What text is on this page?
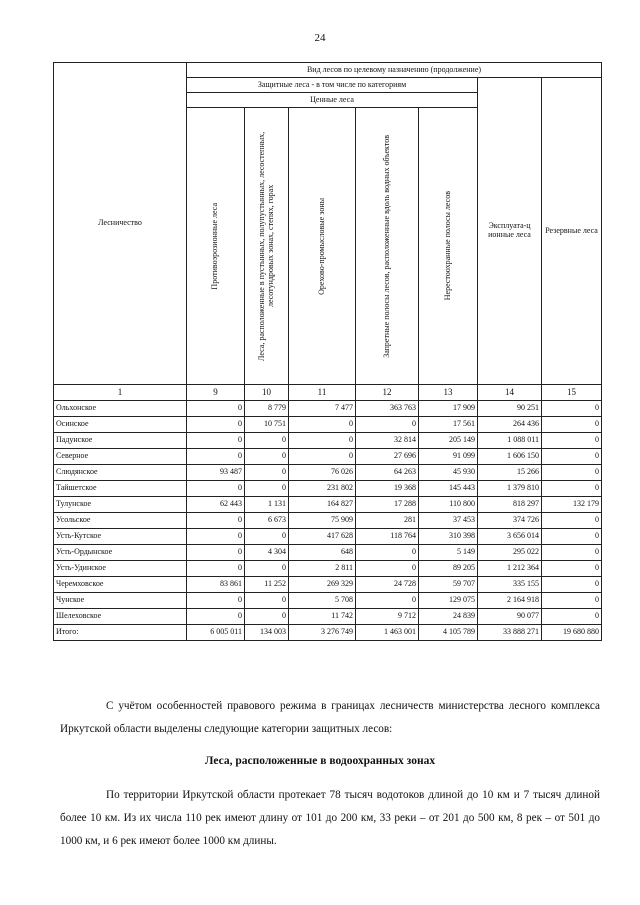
24
Лесничество	Вид лесов по целевому назначению (продолжение)						
	Защитные леса - в том числе по категориям					Эксплуата-ц ионные леса	Резервные леса
	Ценные леса						

	Противоэрозионные леса	Леса, расположенные в пустынных, полупустынных, лесостепных, лесотундровых зонах, степях, горах	Орехово-промысловые зоны	Запретные полосы лесов, расположенные вдоль водных объектов	Нерестоохранные полосы лесов		

1	9	10	11	12	13	14	15
Ольхонское	0	8 779	7 477	363 763	17 909	90 251	0
Осинское	0	10 751	0	0	17 561	264 436	0
Падунское	0	0	0	32 814	205 149	1 088 011	0
Северное	0	0	0	27 696	91 099	1 606 150	0
Слюдянское	93 487	0	76 026	64 263	45 930	15 266	0
Тайшетское	0	0	231 802	19 368	145 443	1 379 810	0
Тулунское	62 443	1 131	164 827	17 288	110 800	818 297	132 179
Усольское	0	6 673	75 909	281	37 453	374 726	0
Усть-Кутское	0	0	417 628	118 764	310 398	3 656 014	0
Усть-Ордынское	0	4 304	648	0	5 149	295 022	0
Усть-Удинское	0	0	2 811	0	89 205	1 212 364	0
Черемховское	83 861	11 252	269 329	24 728	59 707	335 155	0
Чунское	0	0	5 708	0	129 075	2 164 918	0
Шелеховское	0	0	11 742	9 712	24 839	90 077	0
Итого:	6 005 011	134 003	3 276 749	1 463 001	4 105 789	33 888 271	19 680 880
С учётом особенностей правового режима в границах лесничеств министерства лесного комплекса Иркутской области выделены следующие категории защитных лесов:
Леса, расположенные в водоохранных зонах
По территории Иркутской области протекает 78 тысяч водотоков длиной до 10 км и 7 тысяч длиной более 10 км. Из их числа 110 рек имеют длину от 101 до 200 км, 33 реки – от 201 до 500 км, 8 рек – от 501 до 1000 км, и 6 рек имеют более 1000 км длины.
